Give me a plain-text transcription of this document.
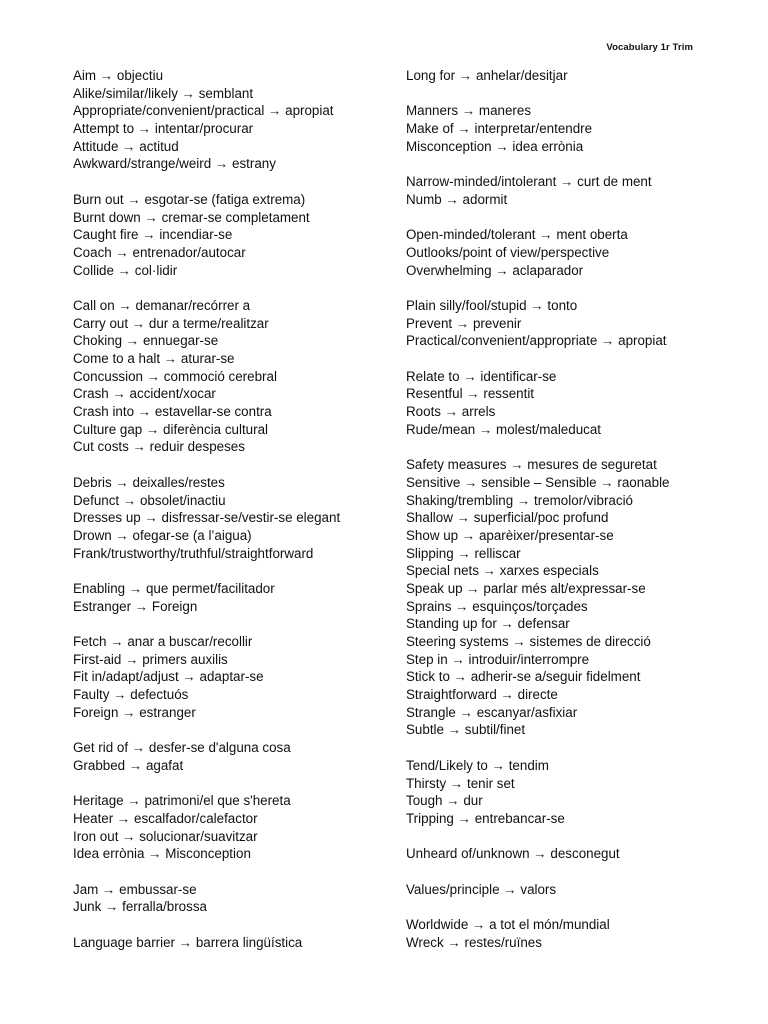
Vocabulary 1r Trim
Aim → objectiu
Alike/similar/likely → semblant
Appropriate/convenient/practical → apropiat
Attempt to → intentar/procurar
Attitude → actitud
Awkward/strange/weird → estrany
Burn out → esgotar-se (fatiga extrema)
Burnt down → cremar-se completament
Caught fire → incendiar-se
Coach → entrenador/autocar
Collide → col·lidir
Call on → demanar/recórrer a
Carry out → dur a terme/realitzar
Choking → ennuegar-se
Come to a halt → aturar-se
Concussion → commoció cerebral
Crash → accident/xocar
Crash into → estavellar-se contra
Culture gap → diferència cultural
Cut costs → reduir despeses
Debris → deixalles/restes
Defunct → obsolet/inactiu
Dresses up → disfressar-se/vestir-se elegant
Drown → ofegar-se (a l’aigua)
Frank/trustworthy/truthful/straightforward
Enabling → que permet/facilitador
Estranger → Foreign
Fetch → anar a buscar/recollir
First-aid → primers auxilis
Fit in/adapt/adjust → adaptar-se
Faulty → defectuós
Foreign → estranger
Get rid of → desfer-se d'alguna cosa
Grabbed → agafat
Heritage → patrimoni/el que s'hereta
Heater → escalfador/calefactor
Iron out → solucionar/suavitzar
Idea errònia → Misconception
Jam → embussar-se
Junk → ferralla/brossa
Language barrier → barrera lingüística
Long for → anhelar/desitjar
Manners → maneres
Make of → interpretar/entendre
Misconception → idea errònia
Narrow-minded/intolerant → curt de ment
Numb → adormit
Open-minded/tolerant → ment oberta
Outlooks/point of view/perspective
Overwhelming → aclaparador
Plain silly/fool/stupid → tonto
Prevent → prevenir
Practical/convenient/appropriate → apropiat
Relate to → identificar-se
Resentful → ressentit
Roots → arrels
Rude/mean → molest/maleducat
Safety measures → mesures de seguretat
Sensitive → sensible – Sensible → raonable
Shaking/trembling → tremolor/vibració
Shallow → superficial/poc profund
Show up → aparèixer/presentar-se
Slipping → relliscar
Special nets → xarxes especials
Speak up → parlar més alt/expressar-se
Sprains → esquinços/torçades
Standing up for → defensar
Steering systems → sistemes de direcció
Step in → introduir/interrompre
Stick to → adherir-se a/seguir fidelment
Straightforward → directe
Strangle → escanyar/asfixiar
Subtle → subtil/finet
Tend/Likely to → tendim
Thirsty → tenir set
Tough → dur
Tripping → entrebancar-se
Unheard of/unknown → desconegut
Values/principle → valors
Worldwide → a tot el món/mundial
Wreck → restes/ruïnes
